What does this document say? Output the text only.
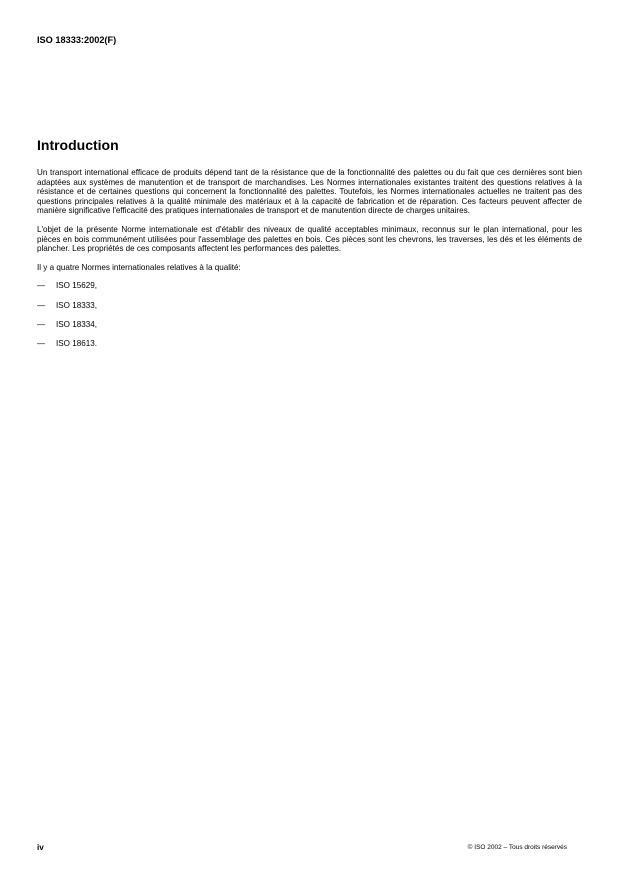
ISO 18333:2002(F)
Introduction

Un transport international efficace de produits dépend tant de la résistance que de la fonctionnalité des palettes ou du fait que ces dernières sont bien adaptées aux systèmes de manutention et de transport de marchandises. Les Normes internationales existantes traitent des questions relatives à la résistance et de certaines questions qui concernent la fonctionnalité des palettes. Toutefois, les Normes internationales actuelles ne traitent pas des questions principales relatives à la qualité minimale des matériaux et à la capacité de fabrication et de réparation. Ces facteurs peuvent affecter de manière significative l'efficacité des pratiques internationales de transport et de manutention directe de charges unitaires.

L'objet de la présente Norme internationale est d'établir des niveaux de qualité acceptables minimaux, reconnus sur le plan international, pour les pièces en bois communément utilisées pour l'assemblage des palettes en bois. Ces pièces sont les chevrons, les traverses, les dés et les éléments de plancher. Les propriétés de ces composants affectent les performances des palettes.

Il y a quatre Normes internationales relatives à la qualité:

—	ISO 15629,
—	ISO 18333,
—	ISO 18334,
—	ISO 18613.
iv	© ISO 2002 – Tous droits réservés
